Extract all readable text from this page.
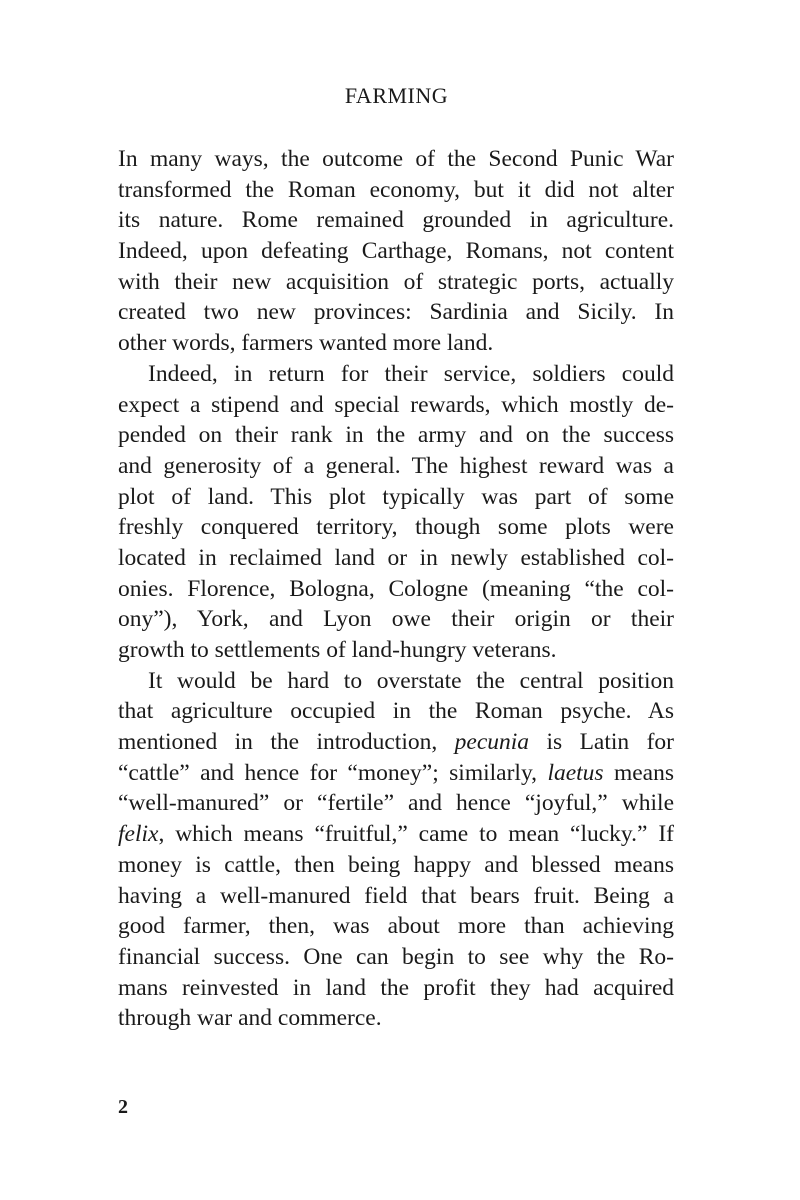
FARMING
In many ways, the outcome of the Second Punic War
transformed the Roman economy, but it did not alter
its nature. Rome remained grounded in agriculture.
Indeed, upon defeating Carthage, Romans, not content
with their new acquisition of strategic ports, actually
created two new provinces: Sardinia and Sicily. In
other words, farmers wanted more land.
Indeed, in return for their service, soldiers could
expect a stipend and special rewards, which mostly de-
pended on their rank in the army and on the success
and generosity of a general. The highest reward was a
plot of land. This plot typically was part of some
freshly conquered territory, though some plots were
located in reclaimed land or in newly established col-
onies. Florence, Bologna, Cologne (meaning “the col-
ony”), York, and Lyon owe their origin or their
growth to settlements of land-hungry veterans.
It would be hard to overstate the central position
that agriculture occupied in the Roman psyche. As
mentioned in the introduction, pecunia is Latin for
“cattle” and hence for “money”; similarly, laetus means
“well-manured” or “fertile” and hence “joyful,” while
felix, which means “fruitful,” came to mean “lucky.” If
money is cattle, then being happy and blessed means
having a well-manured field that bears fruit. Being a
good farmer, then, was about more than achieving
financial success. One can begin to see why the Ro-
mans reinvested in land the profit they had acquired
through war and commerce.
2
